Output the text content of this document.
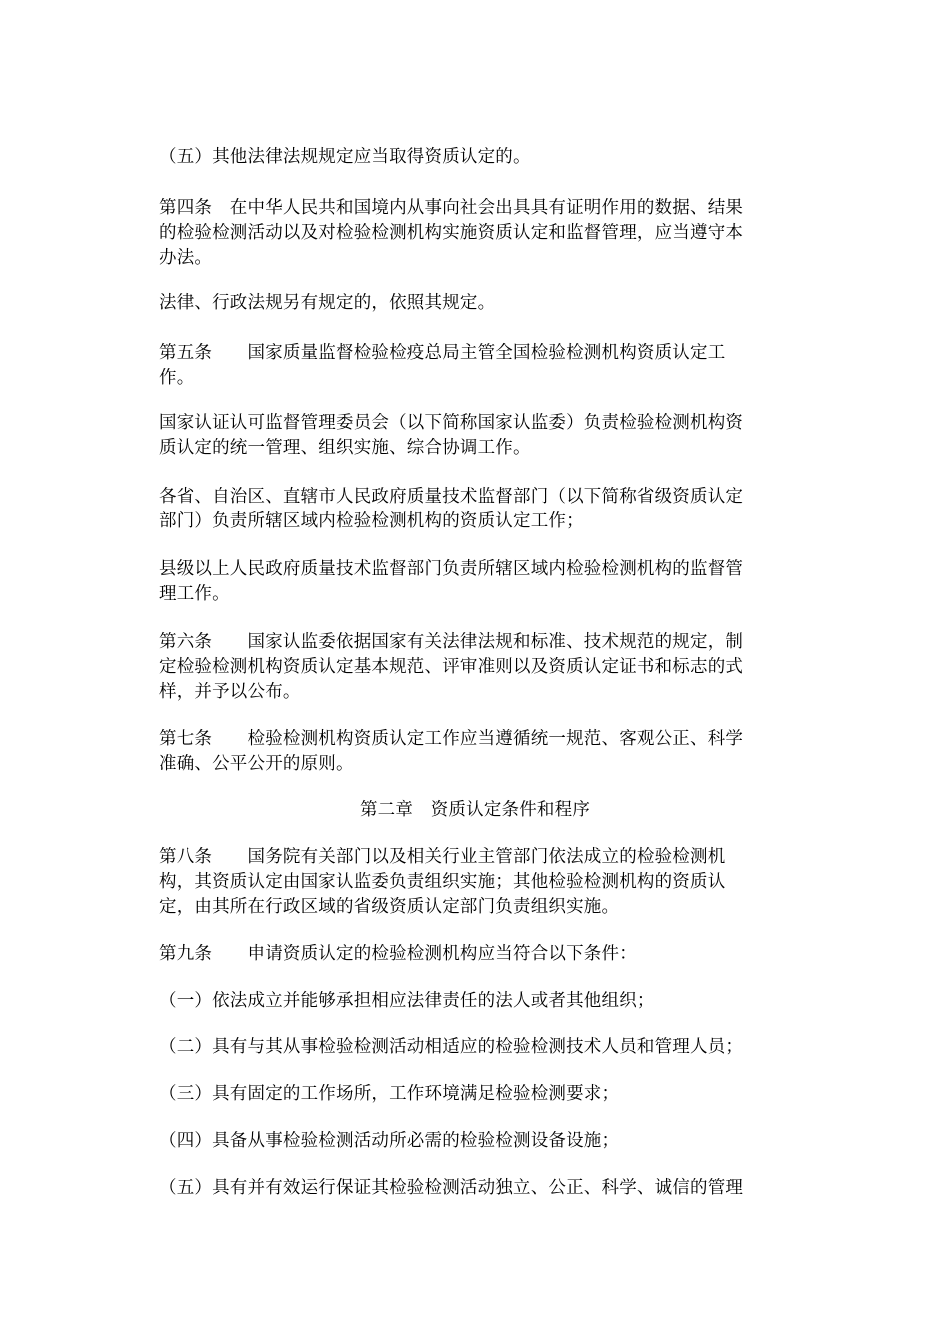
（五）其他法律法规规定应当取得资质认定的。
第四条　在中华人民共和国境内从事向社会出具具有证明作用的数据、结果
的检验检测活动以及对检验检测机构实施资质认定和监督管理，应当遵守本
办法。
法律、行政法规另有规定的，依照其规定。
第五条　　国家质量监督检验检疫总局主管全国检验检测机构资质认定工
作。
国家认证认可监督管理委员会（以下简称国家认监委）负责检验检测机构资
质认定的统一管理、组织实施、综合协调工作。
各省、自治区、直辖市人民政府质量技术监督部门（以下简称省级资质认定
部门）负责所辖区域内检验检测机构的资质认定工作；
县级以上人民政府质量技术监督部门负责所辖区域内检验检测机构的监督管
理工作。
第六条　　国家认监委依据国家有关法律法规和标准、技术规范的规定，制
定检验检测机构资质认定基本规范、评审准则以及资质认定证书和标志的式
样，并予以公布。
第七条　　检验检测机构资质认定工作应当遵循统一规范、客观公正、科学
准确、公平公开的原则。
第二章　资质认定条件和程序
第八条　　国务院有关部门以及相关行业主管部门依法成立的检验检测机
构，其资质认定由国家认监委负责组织实施；其他检验检测机构的资质认
定，由其所在行政区域的省级资质认定部门负责组织实施。
第九条　　申请资质认定的检验检测机构应当符合以下条件：
（一）依法成立并能够承担相应法律责任的法人或者其他组织；
（二）具有与其从事检验检测活动相适应的检验检测技术人员和管理人员；
（三）具有固定的工作场所，工作环境满足检验检测要求；
（四）具备从事检验检测活动所必需的检验检测设备设施；
（五）具有并有效运行保证其检验检测活动独立、公正、科学、诚信的管理
